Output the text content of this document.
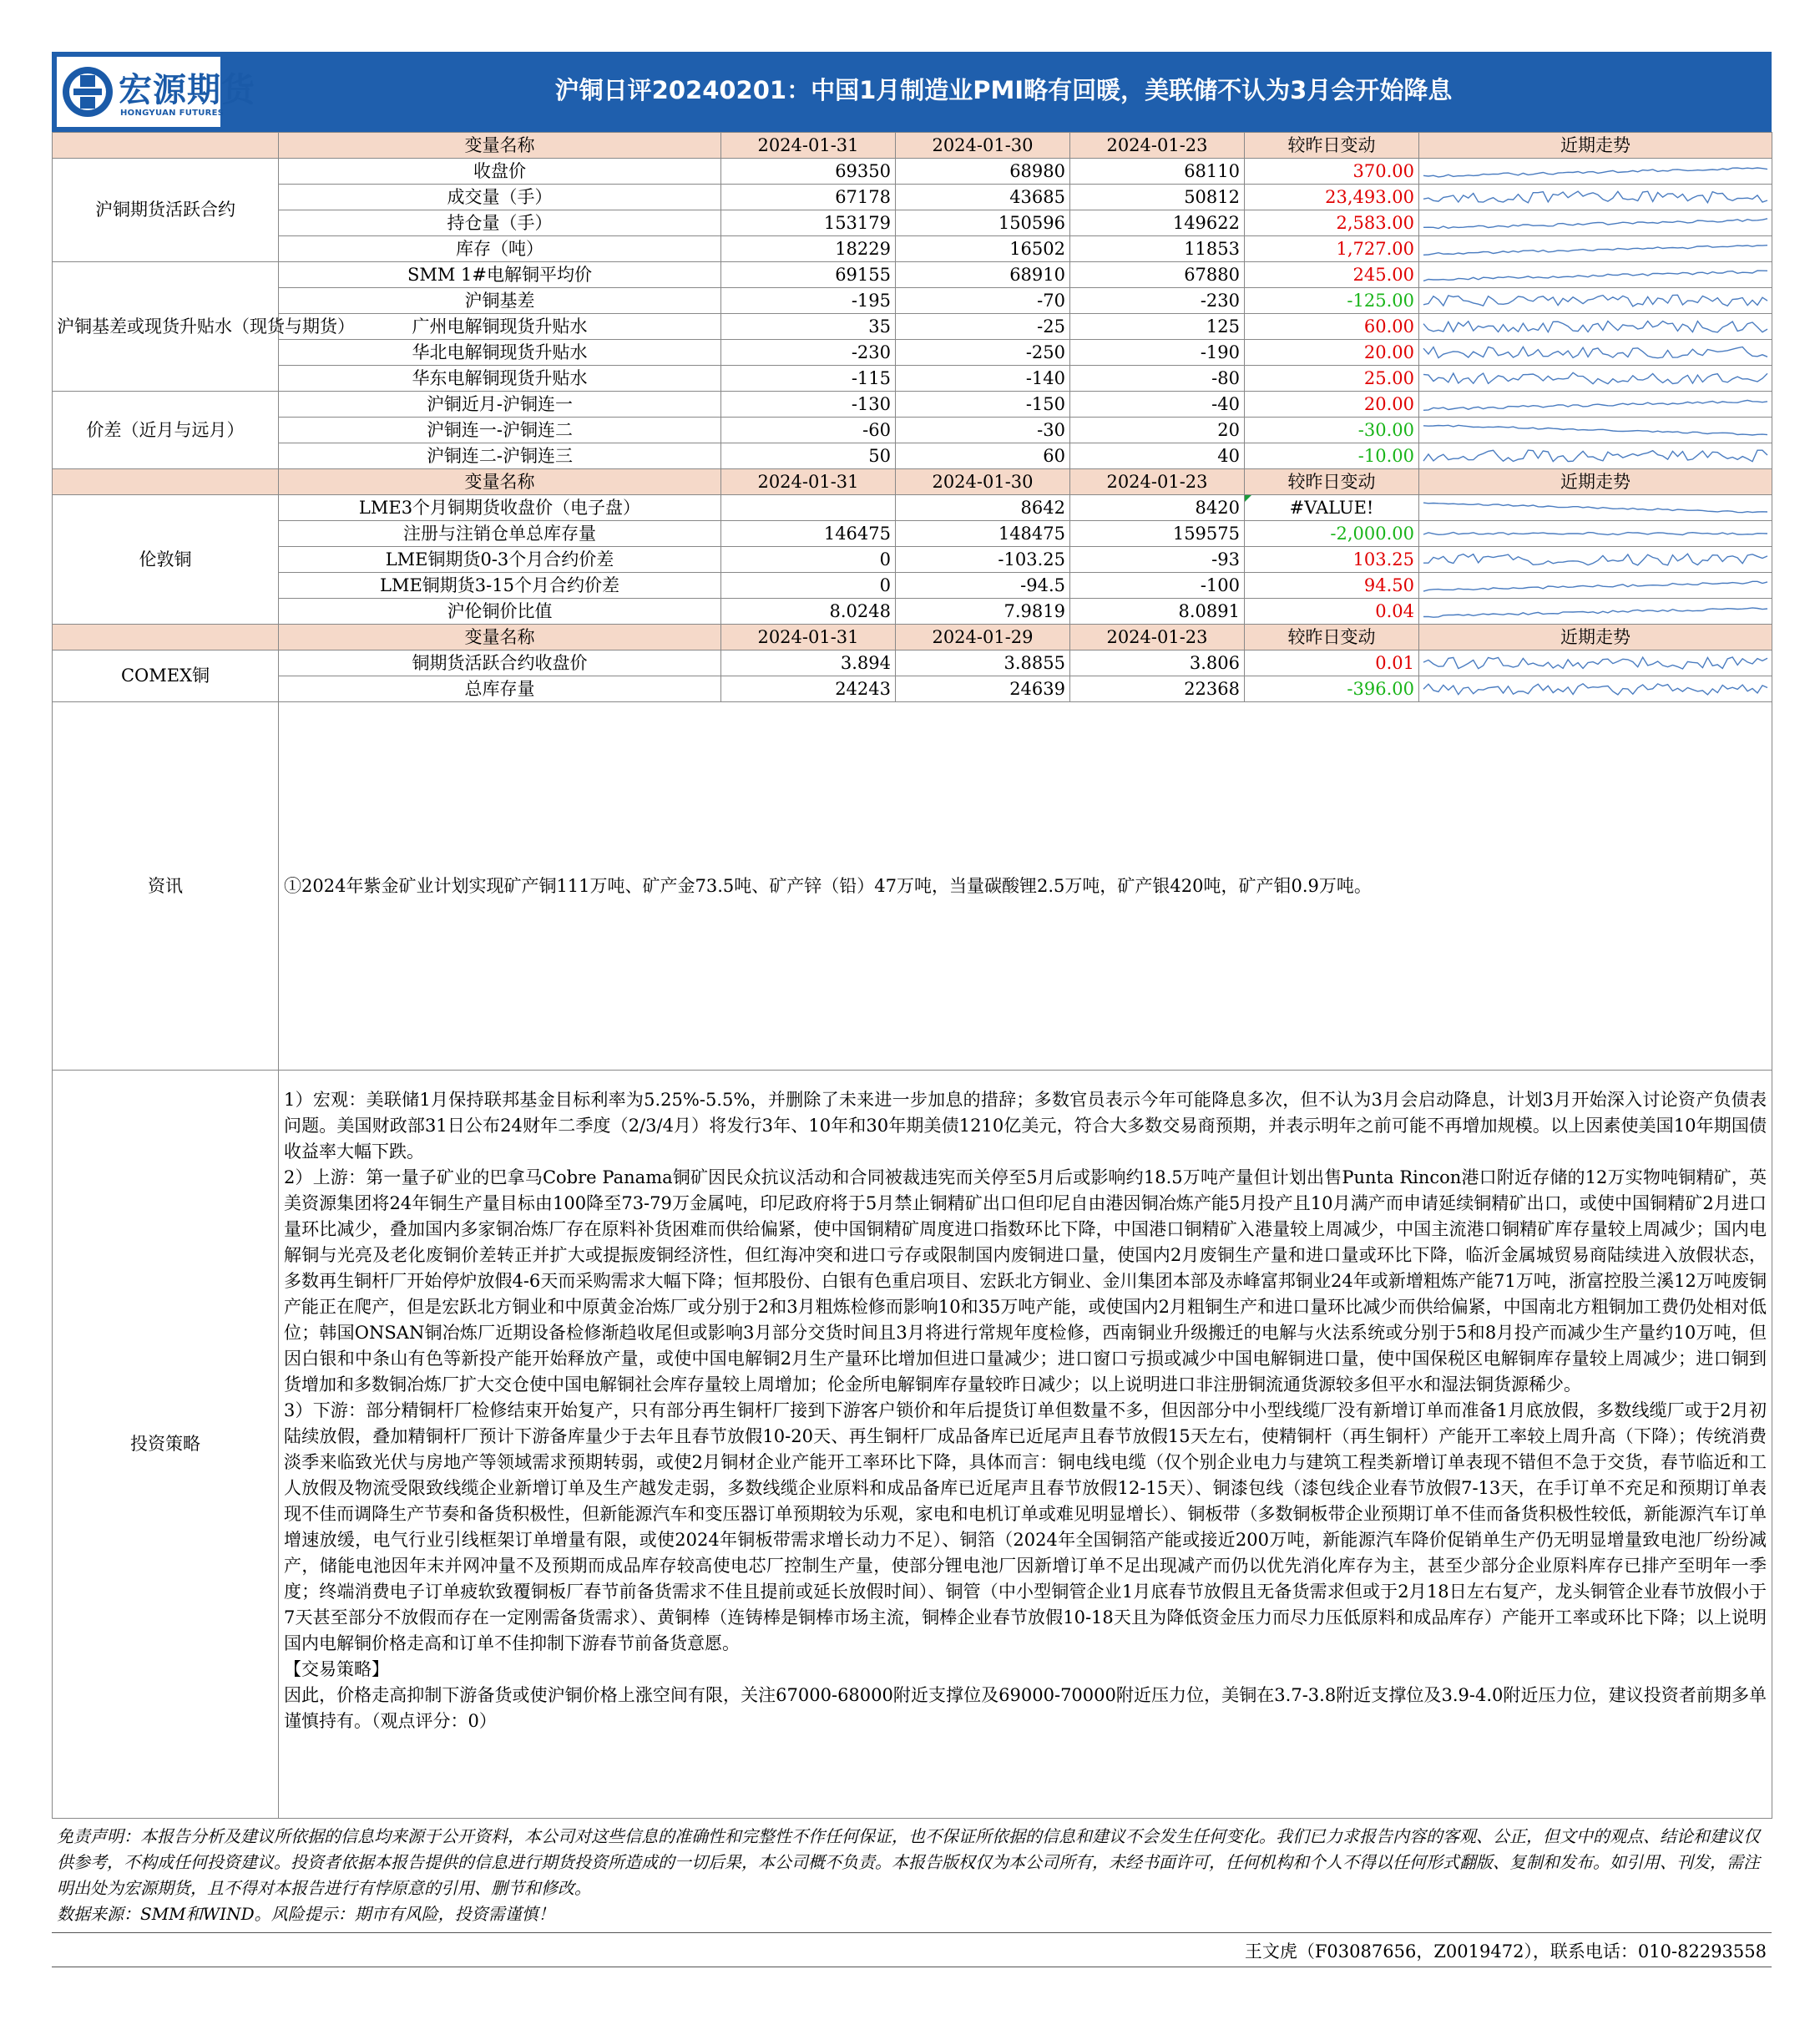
宏源期货
HONGYUAN FUTURES
沪铜日评20240201：中国1月制造业PMI略有回暖，美联储不认为3月会开始降息
	变量名称	2024-01-31	2024-01-30	2024-01-23	较昨日变动	近期走势
沪铜期货活跃合约	收盘价	69350	68980	68110	370.00	

	成交量（手）	67178	43685	50812	23,493.00	

	持仓量（手）	153179	150596	149622	2,583.00	

	库存（吨）	18229	16502	11853	1,727.00	

沪铜基差或现货升贴水（现货与期货）	SMM 1#电解铜平均价	69155	68910	67880	245.00	

	沪铜基差	-195	-70	-230	-125.00	

	广州电解铜现货升贴水	35	-25	125	60.00	

	华北电解铜现货升贴水	-230	-250	-190	20.00	

	华东电解铜现货升贴水	-115	-140	-80	25.00	

价差（近月与远月）	沪铜近月-沪铜连一	-130	-150	-40	20.00	

	沪铜连一-沪铜连二	-60	-30	20	-30.00	

	沪铜连二-沪铜连三	50	60	40	-10.00	

	变量名称	2024-01-31	2024-01-30	2024-01-23	较昨日变动	近期走势
伦敦铜	LME3个月铜期货收盘价（电子盘）		8642	8420	#VALUE!	

	注册与注销仓单总库存量	146475	148475	159575	-2,000.00	

	LME铜期货0-3个月合约价差	0	-103.25	-93	103.25	

	LME铜期货3-15个月合约价差	0	-94.5	-100	94.50	

	沪伦铜价比值	8.0248	7.9819	8.0891	0.04	

	变量名称	2024-01-31	2024-01-29	2024-01-23	较昨日变动	近期走势
COMEX铜	铜期货活跃合约收盘价	3.894	3.8855	3.806	0.01	

	总库存量	24243	24639	22368	-396.00	

资讯	①2024年紫金矿业计划实现矿产铜111万吨、矿产金73.5吨、矿产锌（铅）47万吨，当量碳酸锂2.5万吨，矿产银420吨，矿产钼0.9万吨。					
投资策略	1）宏观：美联储1月保持联邦基金目标利率为5.25%-5.5%，并删除了未来进一步加息的措辞；多数官员表示今年可能降息多次，但不认为3月会启动降息，计划3月开始深入讨论资产负债表问题。美国财政部31日公布24财年二季度（2/3/4月）将发行3年、10年和30年期美债1210亿美元，符合大多数交易商预期，并表示明年之前可能不再增加规模。以上因素使美国10年期国债收益率大幅下跌。

2）上游：第一量子矿业的巴拿马Cobre Panama铜矿因民众抗议活动和合同被裁违宪而关停至5月后或影响约18.5万吨产量但计划出售Punta Rincon港口附近存储的12万实物吨铜精矿，英美资源集团将24年铜生产量目标由100降至73-79万金属吨，印尼政府将于5月禁止铜精矿出口但印尼自由港因铜冶炼产能5月投产且10月满产而申请延续铜精矿出口，或使中国铜精矿2月进口量环比减少，叠加国内多家铜冶炼厂存在原料补货困难而供给偏紧，使中国铜精矿周度进口指数环比下降，中国港口铜精矿入港量较上周减少，中国主流港口铜精矿库存量较上周减少；国内电解铜与光亮及老化废铜价差转正并扩大或提振废铜经济性，但红海冲突和进口亏存或限制国内废铜进口量，使国内2月废铜生产量和进口量或环比下降，临沂金属城贸易商陆续进入放假状态，多数再生铜杆厂开始停炉放假4-6天而采购需求大幅下降；恒邦股份、白银有色重启项目、宏跃北方铜业、金川集团本部及赤峰富邦铜业24年或新增粗炼产能71万吨，浙富控股兰溪12万吨废铜产能正在爬产，但是宏跃北方铜业和中原黄金冶炼厂或分别于2和3月粗炼检修而影响10和35万吨产能，或使国内2月粗铜生产和进口量环比减少而供给偏紧，中国南北方粗铜加工费仍处相对低位；韩国ONSAN铜冶炼厂近期设备检修渐趋收尾但或影响3月部分交货时间且3月将进行常规年度检修，西南铜业升级搬迁的电解与火法系统或分别于5和8月投产而减少生产量约10万吨，但因白银和中条山有色等新投产能开始释放产量，或使中国电解铜2月生产量环比增加但进口量减少；进口窗口亏损或减少中国电解铜进口量，使中国保税区电解铜库存量较上周减少；进口铜到货增加和多数铜冶炼厂扩大交仓使中国电解铜社会库存量较上周增加；伦金所电解铜库存量较昨日减少；以上说明进口非注册铜流通货源较多但平水和湿法铜货源稀少。

3）下游：部分精铜杆厂检修结束开始复产，只有部分再生铜杆厂接到下游客户锁价和年后提货订单但数量不多，但因部分中小型线缆厂没有新增订单而准备1月底放假，多数线缆厂或于2月初陆续放假，叠加精铜杆厂预计下游备库量少于去年且春节放假10-20天、再生铜杆厂成品备库已近尾声且春节放假15天左右，使精铜杆（再生铜杆）产能开工率较上周升高（下降）；传统消费淡季来临致光伏与房地产等领域需求预期转弱，或使2月铜材企业产能开工率环比下降，具体而言：铜电线电缆（仅个别企业电力与建筑工程类新增订单表现不错但不急于交货，春节临近和工人放假及物流受限致线缆企业新增订单及生产越发走弱，多数线缆企业原料和成品备库已近尾声且春节放假12-15天）、铜漆包线（漆包线企业春节放假7-13天，在手订单不充足和预期订单表现不佳而调降生产节奏和备货积极性，但新能源汽车和变压器订单预期较为乐观，家电和电机订单或难见明显增长）、铜板带（多数铜板带企业预期订单不佳而备货积极性较低，新能源汽车订单增速放缓，电气行业引线框架订单增量有限，或使2024年铜板带需求增长动力不足）、铜箔（2024年全国铜箔产能或接近200万吨，新能源汽车降价促销单生产仍无明显增量致电池厂纷纷减产，储能电池因年末并网冲量不及预期而成品库存较高使电芯厂控制生产量，使部分锂电池厂因新增订单不足出现减产而仍以优先消化库存为主，甚至少部分企业原料库存已排产至明年一季度；终端消费电子订单疲软致覆铜板厂春节前备货需求不佳且提前或延长放假时间）、铜管（中小型铜管企业1月底春节放假且无备货需求但或于2月18日左右复产，龙头铜管企业春节放假小于7天甚至部分不放假而存在一定刚需备货需求）、黄铜棒（连铸棒是铜棒市场主流，铜棒企业春节放假10-18天且为降低资金压力而尽力压低原料和成品库存）产能开工率或环比下降；以上说明国内电解铜价格走高和订单不佳抑制下游春节前备货意愿。

【交易策略】

因此，价格走高抑制下游备货或使沪铜价格上涨空间有限，关注67000-68000附近支撑位及69000-70000附近压力位，美铜在3.7-3.8附近支撑位及3.9-4.0附近压力位，建议投资者前期多单谨慎持有。（观点评分：0）					

免责声明：本报告分析及建议所依据的信息均来源于公开资料，本公司对这些信息的准确性和完整性不作任何保证，也不保证所依据的信息和建议不会发生任何变化。我们已力求报告内容的客观、公正，但文中的观点、结论和建议仅供参考，不构成任何投资建议。投资者依据本报告提供的信息进行期货投资所造成的一切后果，本公司概不负责。本报告版权仅为本公司所有，未经书面许可，任何机构和个人不得以任何形式翻版、复制和发布。如引用、刊发，需注明出处为宏源期货，且不得对本报告进行有悖原意的引用、删节和修改。

数据来源：SMM和WIND。风险提示：期市有风险，投资需谨慎！

王文虎（F03087656，Z0019472），联系电话：010-82293558
